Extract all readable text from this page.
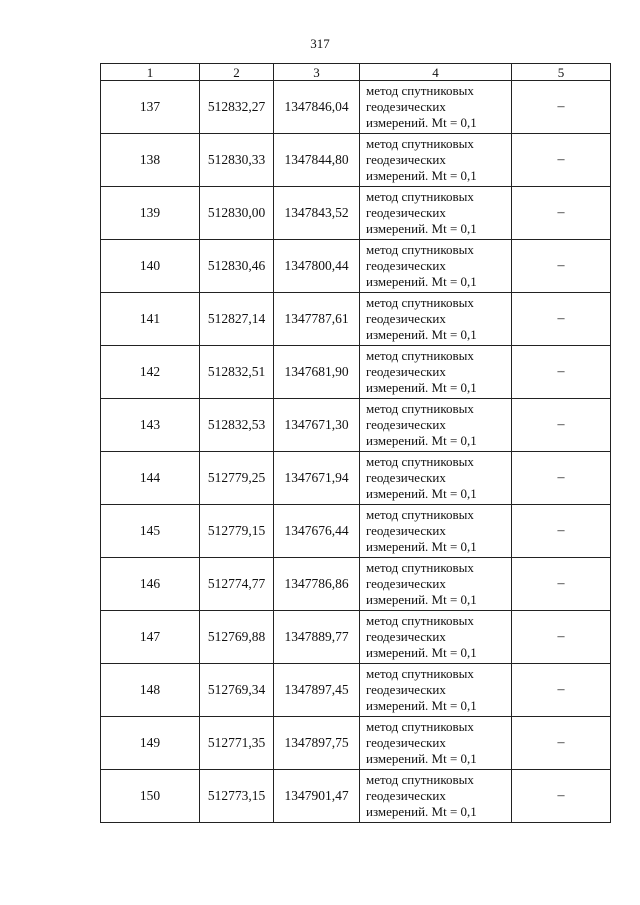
317
1	2	3	4	5
137	512832,27	1347846,04	метод спутниковых
геодезических
измерений. Mt = 0,1	–
138	512830,33	1347844,80	метод спутниковых
геодезических
измерений. Mt = 0,1	–
139	512830,00	1347843,52	метод спутниковых
геодезических
измерений. Mt = 0,1	–
140	512830,46	1347800,44	метод спутниковых
геодезических
измерений. Mt = 0,1	–
141	512827,14	1347787,61	метод спутниковых
геодезических
измерений. Mt = 0,1	–
142	512832,51	1347681,90	метод спутниковых
геодезических
измерений. Mt = 0,1	–
143	512832,53	1347671,30	метод спутниковых
геодезических
измерений. Mt = 0,1	–
144	512779,25	1347671,94	метод спутниковых
геодезических
измерений. Mt = 0,1	–
145	512779,15	1347676,44	метод спутниковых
геодезических
измерений. Mt = 0,1	–
146	512774,77	1347786,86	метод спутниковых
геодезических
измерений. Mt = 0,1	–
147	512769,88	1347889,77	метод спутниковых
геодезических
измерений. Mt = 0,1	–
148	512769,34	1347897,45	метод спутниковых
геодезических
измерений. Mt = 0,1	–
149	512771,35	1347897,75	метод спутниковых
геодезических
измерений. Mt = 0,1	–
150	512773,15	1347901,47	метод спутниковых
геодезических
измерений. Mt = 0,1	–
